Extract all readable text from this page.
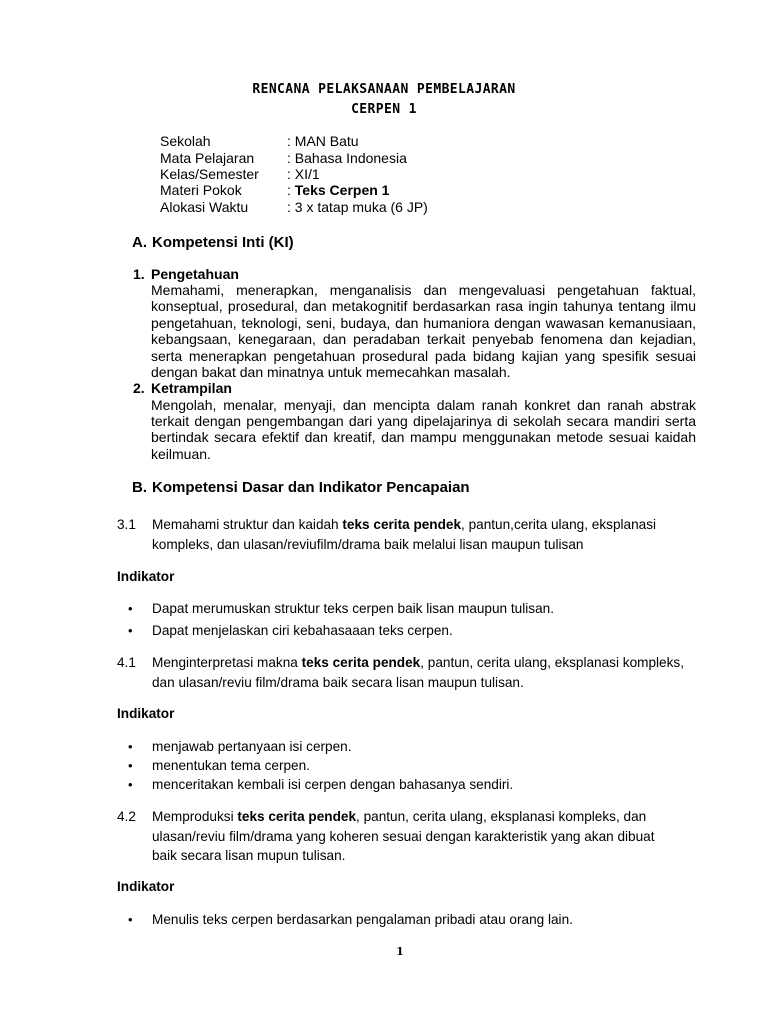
RENCANA PELAKSANAAN PEMBELAJARAN
CERPEN 1
Sekolah	: MAN Batu
Mata Pelajaran : Bahasa Indonesia
Kelas/Semester : XI/1
Materi Pokok	: Teks Cerpen 1
Alokasi Waktu	: 3 x tatap muka (6 JP)
A. Kompetensi Inti (KI)
1. Pengetahuan
Memahami, menerapkan, menganalisis dan mengevaluasi pengetahuan faktual,
konseptual, prosedural, dan metakognitif berdasarkan rasa ingin tahunya tentang ilmu
pengetahuan, teknologi, seni, budaya, dan humaniora dengan wawasan kemanusiaan,
kebangsaan, kenegaraan, dan peradaban terkait penyebab fenomena dan kejadian,
serta menerapkan pengetahuan prosedural pada bidang kajian yang spesifik sesuai
dengan bakat dan minatnya untuk memecahkan masalah.
2. Ketrampilan
Mengolah, menalar, menyaji, dan mencipta dalam ranah konkret dan ranah abstrak
terkait dengan pengembangan dari yang dipelajarinya di sekolah secara mandiri serta
bertindak secara efektif dan kreatif, dan mampu menggunakan metode sesuai kaidah
keilmuan.
B. Kompetensi Dasar dan Indikator Pencapaian
3.1 Memahami struktur dan kaidah teks cerita pendek, pantun,cerita ulang, eksplanasi
kompleks, dan ulasan/reviufilm/drama baik melalui lisan maupun tulisan
Indikator
• Dapat merumuskan struktur teks cerpen baik lisan maupun tulisan.
• Dapat menjelaskan ciri kebahasaaan teks cerpen.
4.1 Menginterpretasi makna teks cerita pendek, pantun, cerita ulang, eksplanasi kompleks,
dan ulasan/reviu film/drama baik secara lisan maupun tulisan.
Indikator
• menjawab pertanyaan isi cerpen.
• menentukan tema cerpen.
• menceritakan kembali isi cerpen dengan bahasanya sendiri.
4.2 Memproduksi teks cerita pendek, pantun, cerita ulang, eksplanasi kompleks, dan
ulasan/reviu film/drama yang koheren sesuai dengan karakteristik yang akan dibuat
baik secara lisan mupun tulisan.
Indikator
• Menulis teks cerpen berdasarkan pengalaman pribadi atau orang lain.
1
